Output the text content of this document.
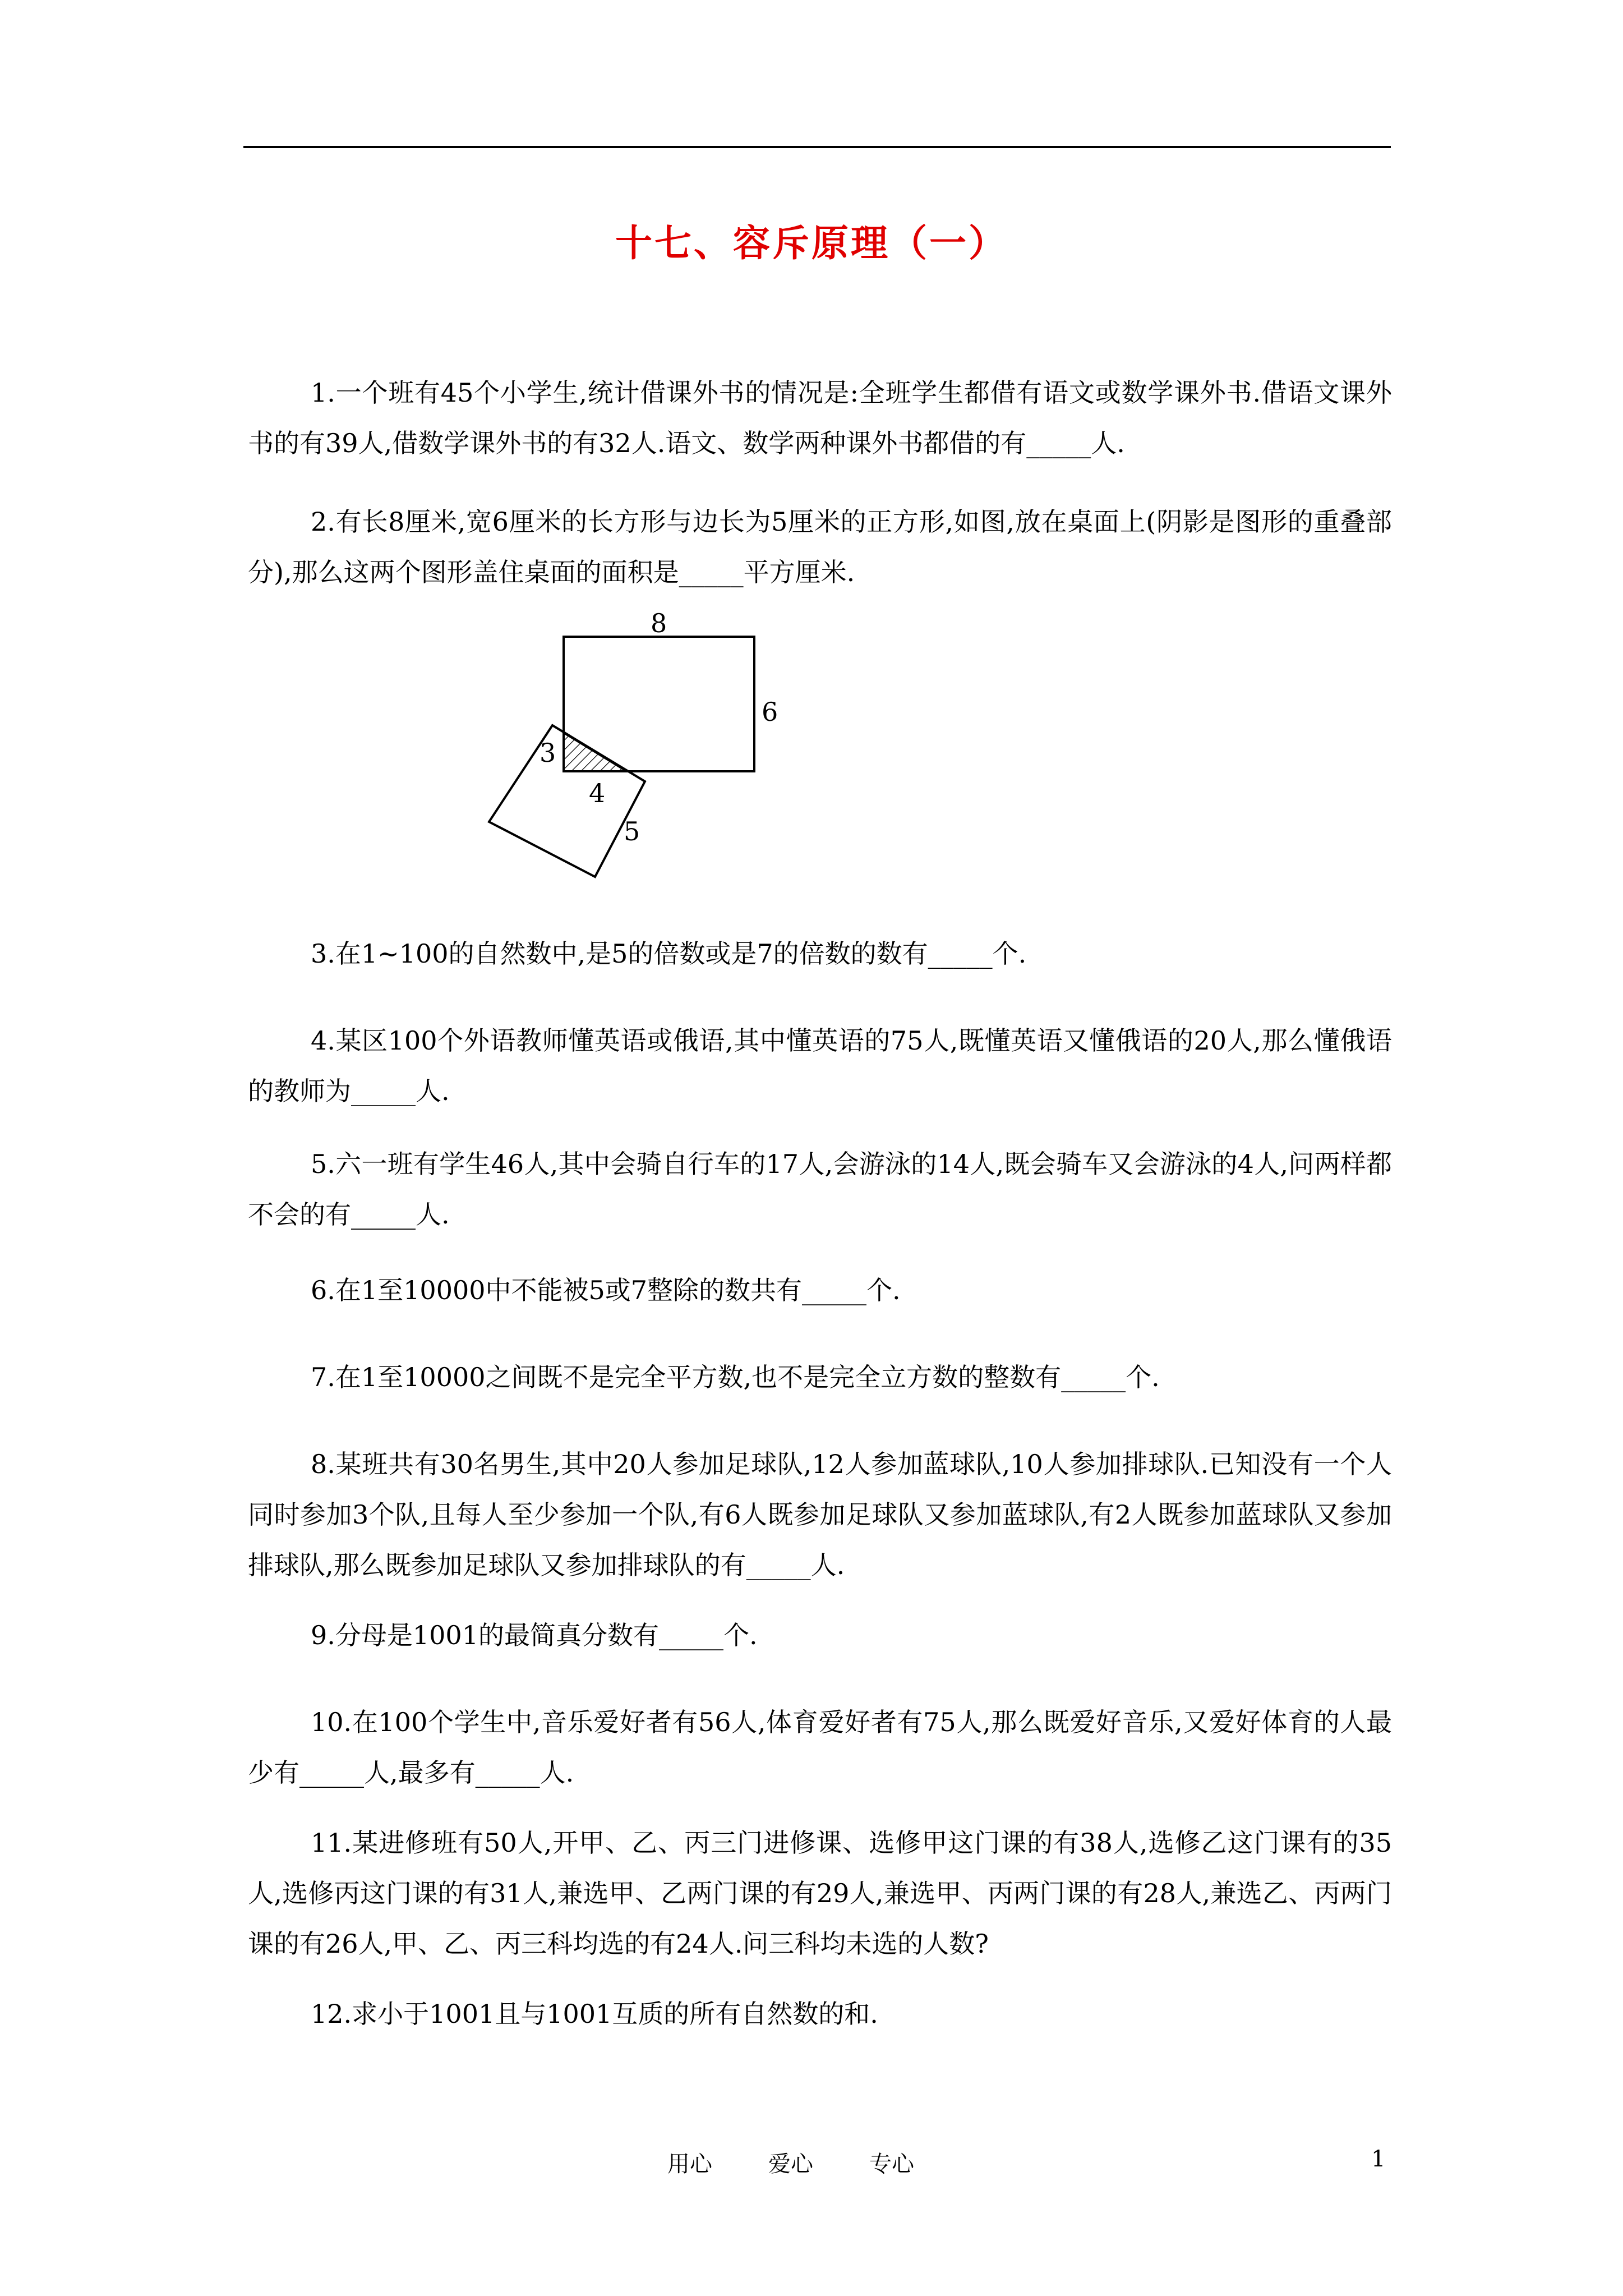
十七、容斥原理（一）
1.一个班有45个小学生,统计借课外书的情况是:全班学生都借有语文或数学课外书.借语文课外书的有39人,借数学课外书的有32人.语文、数学两种课外书都借的有_____人.
2.有长8厘米,宽6厘米的长方形与边长为5厘米的正方形,如图,放在桌面上(阴影是图形的重叠部分),那么这两个图形盖住桌面的面积是_____平方厘米.
8
6
3
4
5
3.在1~100的自然数中,是5的倍数或是7的倍数的数有_____个.
4.某区100个外语教师懂英语或俄语,其中懂英语的75人,既懂英语又懂俄语的20人,那么懂俄语的教师为_____人.
5.六一班有学生46人,其中会骑自行车的17人,会游泳的14人,既会骑车又会游泳的4人,问两样都不会的有_____人.
6.在1至10000中不能被5或7整除的数共有_____个.
7.在1至10000之间既不是完全平方数,也不是完全立方数的整数有_____个.
8.某班共有30名男生,其中20人参加足球队,12人参加蓝球队,10人参加排球队.已知没有一个人同时参加3个队,且每人至少参加一个队,有6人既参加足球队又参加蓝球队,有2人既参加蓝球队又参加排球队,那么既参加足球队又参加排球队的有_____人.
9.分母是1001的最简真分数有_____个.
10.在100个学生中,音乐爱好者有56人,体育爱好者有75人,那么既爱好音乐,又爱好体育的人最少有_____人,最多有_____人.
11.某进修班有50人,开甲、乙、丙三门进修课、选修甲这门课的有38人,选修乙这门课有的35人,选修丙这门课的有31人,兼选甲、乙两门课的有29人,兼选甲、丙两门课的有28人,兼选乙、丙两门课的有26人,甲、乙、丙三科均选的有24人.问三科均未选的人数?
12.求小于1001且与1001互质的所有自然数的和.
用心	爱心	专心	1
